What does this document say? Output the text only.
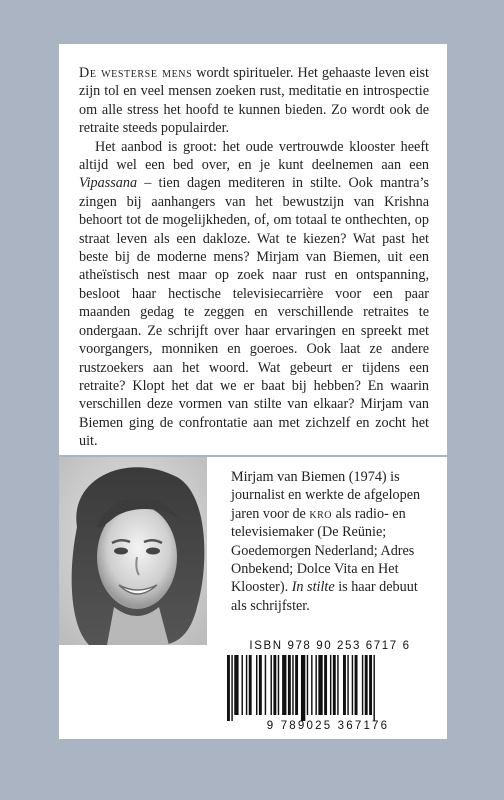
De westerse mens wordt spiritueler. Het gehaaste leven eist zijn tol en veel mensen zoeken rust, meditatie en introspectie om alle stress het hoofd te kunnen bieden. Zo wordt ook de retraite steeds populairder.

Het aanbod is groot: het oude vertrouwde klooster heeft altijd wel een bed over, en je kunt deelnemen aan een Vipassana – tien dagen mediteren in stilte. Ook mantra’s zingen bij aanhangers van het bewustzijn van Krishna behoort tot de mogelijkheden, of, om totaal te onthechten, op straat leven als een dakloze. Wat te kiezen? Wat past het beste bij de moderne mens? Mirjam van Biemen, uit een atheïstisch nest maar op zoek naar rust en ontspanning, besloot haar hectische televisiecarrière voor een paar maanden gedag te zeggen en verschillende retraites te ondergaan. Ze schrijft over haar ervaringen en spreekt met voorgangers, monniken en goeroes. Ook laat ze andere rustzoekers aan het woord. Wat gebeurt er tijdens een retraite? Klopt het dat we er baat bij hebben? En waarin verschillen deze vormen van stilte van elkaar? Mirjam van Biemen ging de confrontatie aan met zichzelf en zocht het uit.

Mirjam van Biemen (1974) is journalist en werkte de afgelopen jaren voor de kro als radio- en televisiemaker (De Reünie; Goedemorgen Nederland; Adres Onbekend; Dolce Vita en Het Klooster). In stilte is haar debuut als schrijfster.

ISBN 978 90 253 6717 6
9 789025 367176
